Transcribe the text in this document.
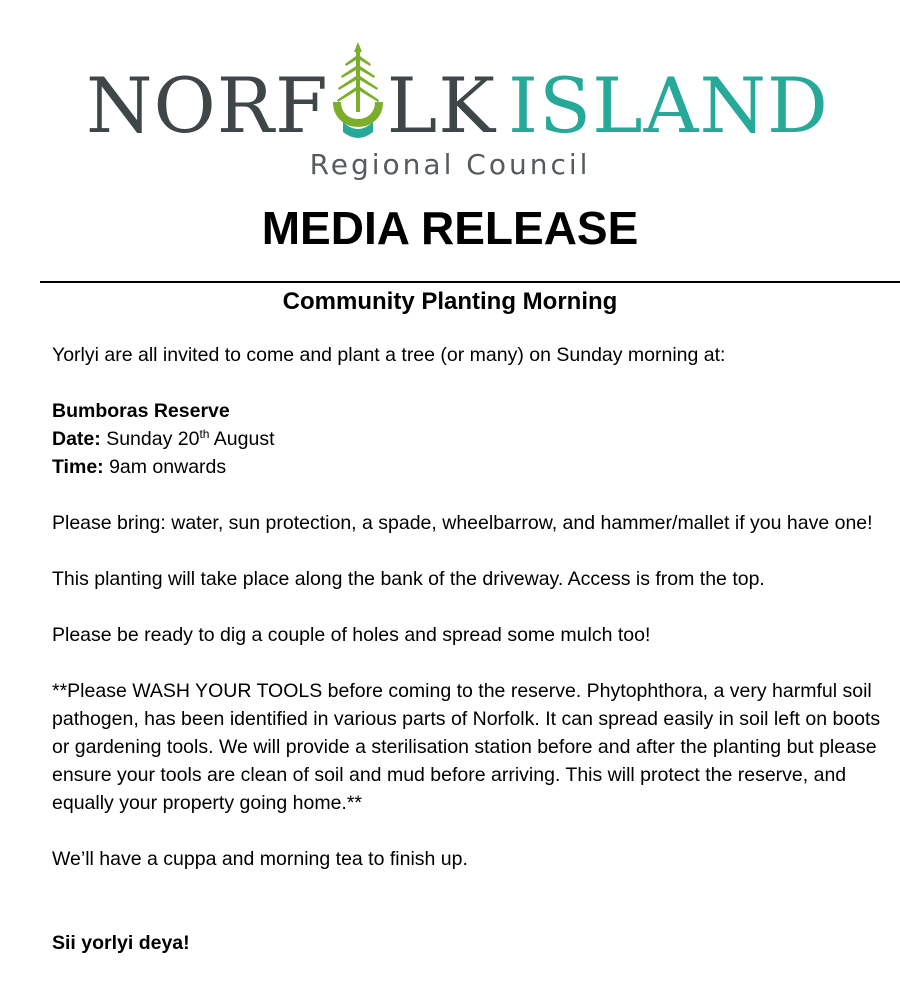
NORF LK ISLAND
Regional Council
MEDIA RELEASE
Community Planting Morning

Yorlyi are all invited to come and plant a tree (or many) on Sunday morning at:

Bumboras Reserve

Date: Sunday 20th August

Time: 9am onwards

Please bring: water, sun protection, a spade, wheelbarrow, and hammer/mallet if you have one!

This planting will take place along the bank of the driveway. Access is from the top.

Please be ready to dig a couple of holes and spread some mulch too!

**Please WASH YOUR TOOLS before coming to the reserve. Phytophthora, a very harmful soil pathogen, has been identified in various parts of Norfolk. It can spread easily in soil left on boots or gardening tools. We will provide a sterilisation station before and after the planting but please ensure your tools are clean of soil and mud before arriving. This will protect the reserve, and equally your property going home.**

We’ll have a cuppa and morning tea to finish up.

Sii yorlyi deya!
